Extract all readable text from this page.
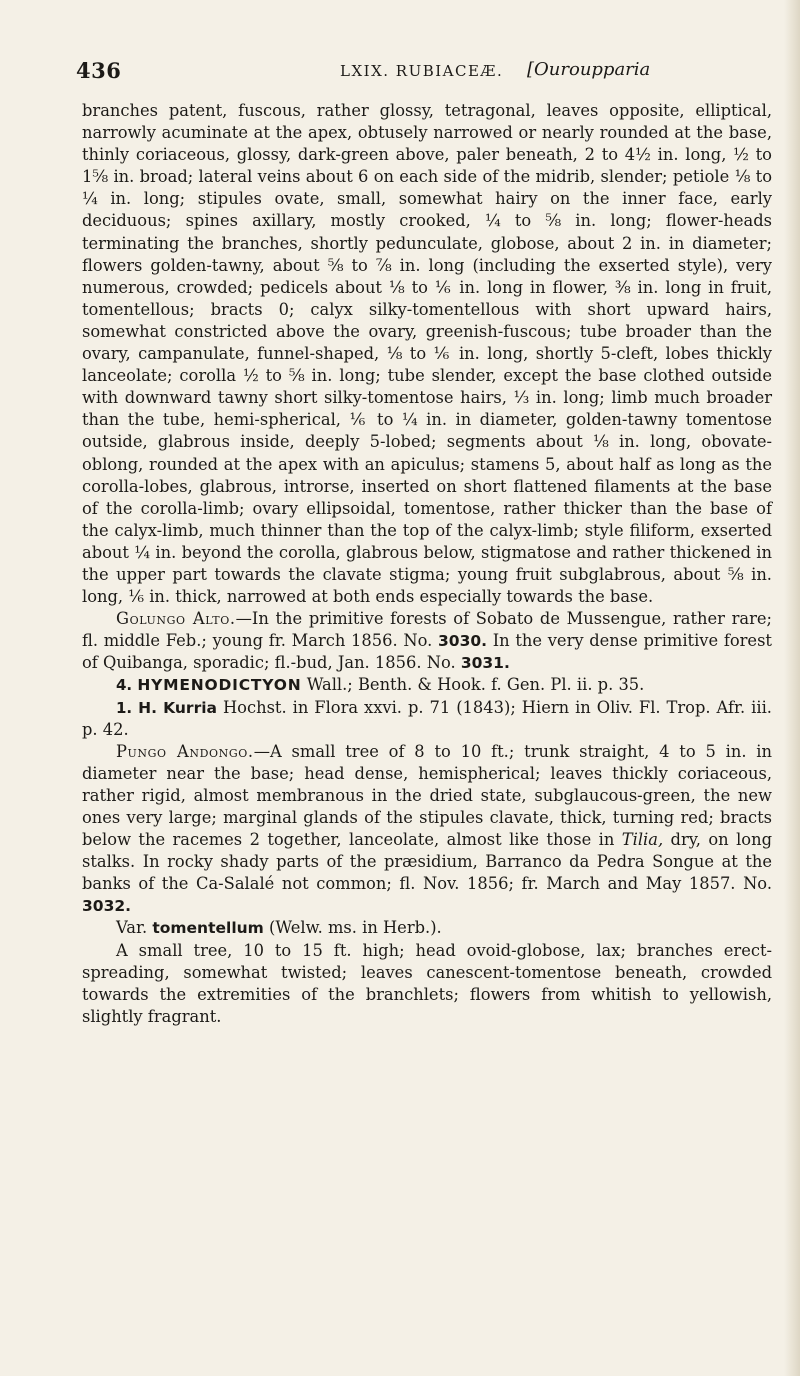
436	LXIX. RUBIACEÆ. [Ouroupparia

branches patent, fuscous, rather glossy, tetragonal, leaves opposite, elliptical, narrowly acuminate at the apex, obtusely narrowed or nearly rounded at the base, thinly coriaceous, glossy, dark-green above, paler beneath, 2 to 4½ in. long, ½ to 1⅝ in. broad; lateral veins about 6 on each side of the midrib, slender; petiole ⅛ to ¼ in. long; stipules ovate, small, somewhat hairy on the inner face, early deciduous; spines axillary, mostly crooked, ¼ to ⅝ in. long; flower-heads terminating the branches, shortly pedunculate, globose, about 2 in. in diameter; flowers golden-tawny, about ⅝ to ⅞ in. long (including the exserted style), very numerous, crowded; pedicels about ⅛ to ⅙ in. long in flower, ⅜ in. long in fruit, tomentellous; bracts 0; calyx silky-tomentellous with short upward hairs, somewhat constricted above the ovary, greenish-fuscous; tube broader than the ovary, campanulate, funnel-shaped, ⅛ to ⅙ in. long, shortly 5-cleft, lobes thickly lanceolate; corolla ½ to ⅝ in. long; tube slender, except the base clothed outside with downward tawny short silky-tomentose hairs, ⅓ in. long; limb much broader than the tube, hemi-spherical, ⅙ to ¼ in. in diameter, golden-tawny tomentose outside, glabrous inside, deeply 5-lobed; segments about ⅛ in. long, obovate-oblong, rounded at the apex with an apiculus; stamens 5, about half as long as the corolla-lobes, glabrous, introrse, inserted on short flattened filaments at the base of the corolla-limb; ovary ellipsoidal, tomentose, rather thicker than the base of the calyx-limb, much thinner than the top of the calyx-limb; style filiform, exserted about ¼ in. beyond the corolla, glabrous below, stigmatose and rather thickened in the upper part towards the clavate stigma; young fruit subglabrous, about ⅝ in. long, ⅙ in. thick, narrowed at both ends especially towards the base.

Golungo Alto.—In the primitive forests of Sobato de Mussengue, rather rare; fl. middle Feb.; young fr. March 1856. No. 3030. In the very dense primitive forest of Quibanga, sporadic; fl.-bud, Jan. 1856. No. 3031.

4. HYMENODICTYON Wall.; Benth. & Hook. f. Gen. Pl. ii. p. 35.

1. H. Kurria Hochst. in Flora xxvi. p. 71 (1843); Hiern in Oliv. Fl. Trop. Afr. iii. p. 42.

Pungo Andongo.—A small tree of 8 to 10 ft.; trunk straight, 4 to 5 in. in diameter near the base; head dense, hemispherical; leaves thickly coriaceous, rather rigid, almost membranous in the dried state, subglaucous-green, the new ones very large; marginal glands of the stipules clavate, thick, turning red; bracts below the racemes 2 together, lanceolate, almost like those in Tilia, dry, on long stalks. In rocky shady parts of the præsidium, Barranco da Pedra Songue at the banks of the Ca-Salalé not common; fl. Nov. 1856; fr. March and May 1857. No. 3032.

Var. tomentellum (Welw. ms. in Herb.).

A small tree, 10 to 15 ft. high; head ovoid-globose, lax; branches erect-spreading, somewhat twisted; leaves canescent-tomentose beneath, crowded towards the extremities of the branchlets; flowers from whitish to yellowish, slightly fragrant.
